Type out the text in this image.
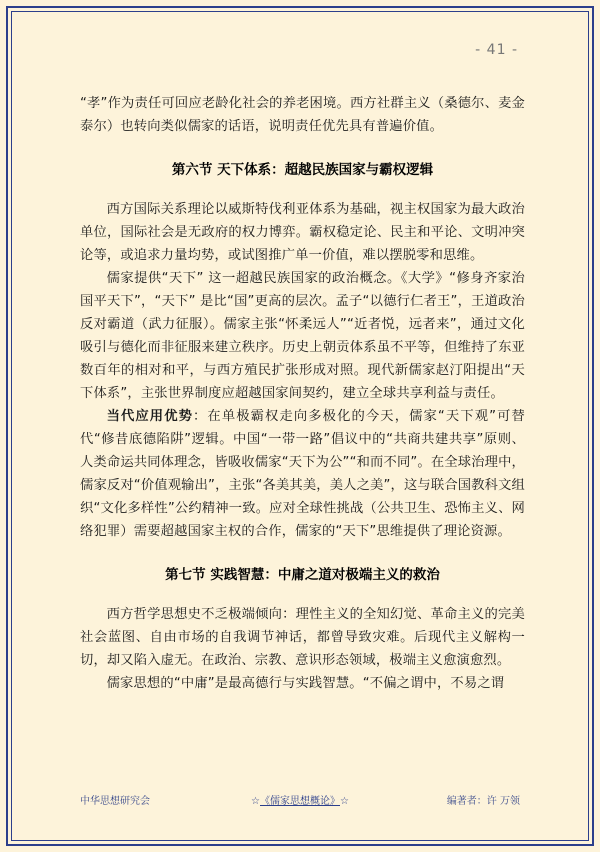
- 41 -

“孝”作为责任可回应老龄化社会的养老困境。西方社群主义（桑德尔、麦金泰尔）也转向类似儒家的话语，说明责任优先具有普遍价值。

第六节 天下体系：超越民族国家与霸权逻辑

西方国际关系理论以威斯特伐利亚体系为基础，视主权国家为最大政治单位，国际社会是无政府的权力博弈。霸权稳定论、民主和平论、文明冲突论等，或追求力量均势，或试图推广单一价值，难以摆脱零和思维。

儒家提供“天下” 这一超越民族国家的政治概念。《大学》“修身齐家治国平天下”，“天下” 是比“国”更高的层次。孟子“以德行仁者王”，王道政治反对霸道（武力征服）。儒家主张“怀柔远人”“近者悦，远者来”，通过文化吸引与德化而非征服来建立秩序。历史上朝贡体系虽不平等，但维持了东亚数百年的相对和平，与西方殖民扩张形成对照。现代新儒家赵汀阳提出“天下体系”，主张世界制度应超越国家间契约，建立全球共享利益与责任。

当代应用优势：在单极霸权走向多极化的今天，儒家“天下观”可替代“修昔底德陷阱”逻辑。中国“一带一路”倡议中的“共商共建共享”原则、人类命运共同体理念，皆吸收儒家“天下为公”“和而不同”。在全球治理中，儒家反对“价值观输出”，主张“各美其美，美人之美”，这与联合国教科文组织“文化多样性”公约精神一致。应对全球性挑战（公共卫生、恐怖主义、网络犯罪）需要超越国家主权的合作，儒家的“天下”思维提供了理论资源。

第七节 实践智慧：中庸之道对极端主义的救治

西方哲学思想史不乏极端倾向：理性主义的全知幻觉、革命主义的完美社会蓝图、自由市场的自我调节神话，都曾导致灾难。后现代主义解构一切，却又陷入虚无。在政治、宗教、意识形态领域，极端主义愈演愈烈。

儒家思想的“中庸”是最高德行与实践智慧。“不偏之谓中，不易之谓

中华思想研究会	☆《儒家思想概论》☆	编著者：许 万领
